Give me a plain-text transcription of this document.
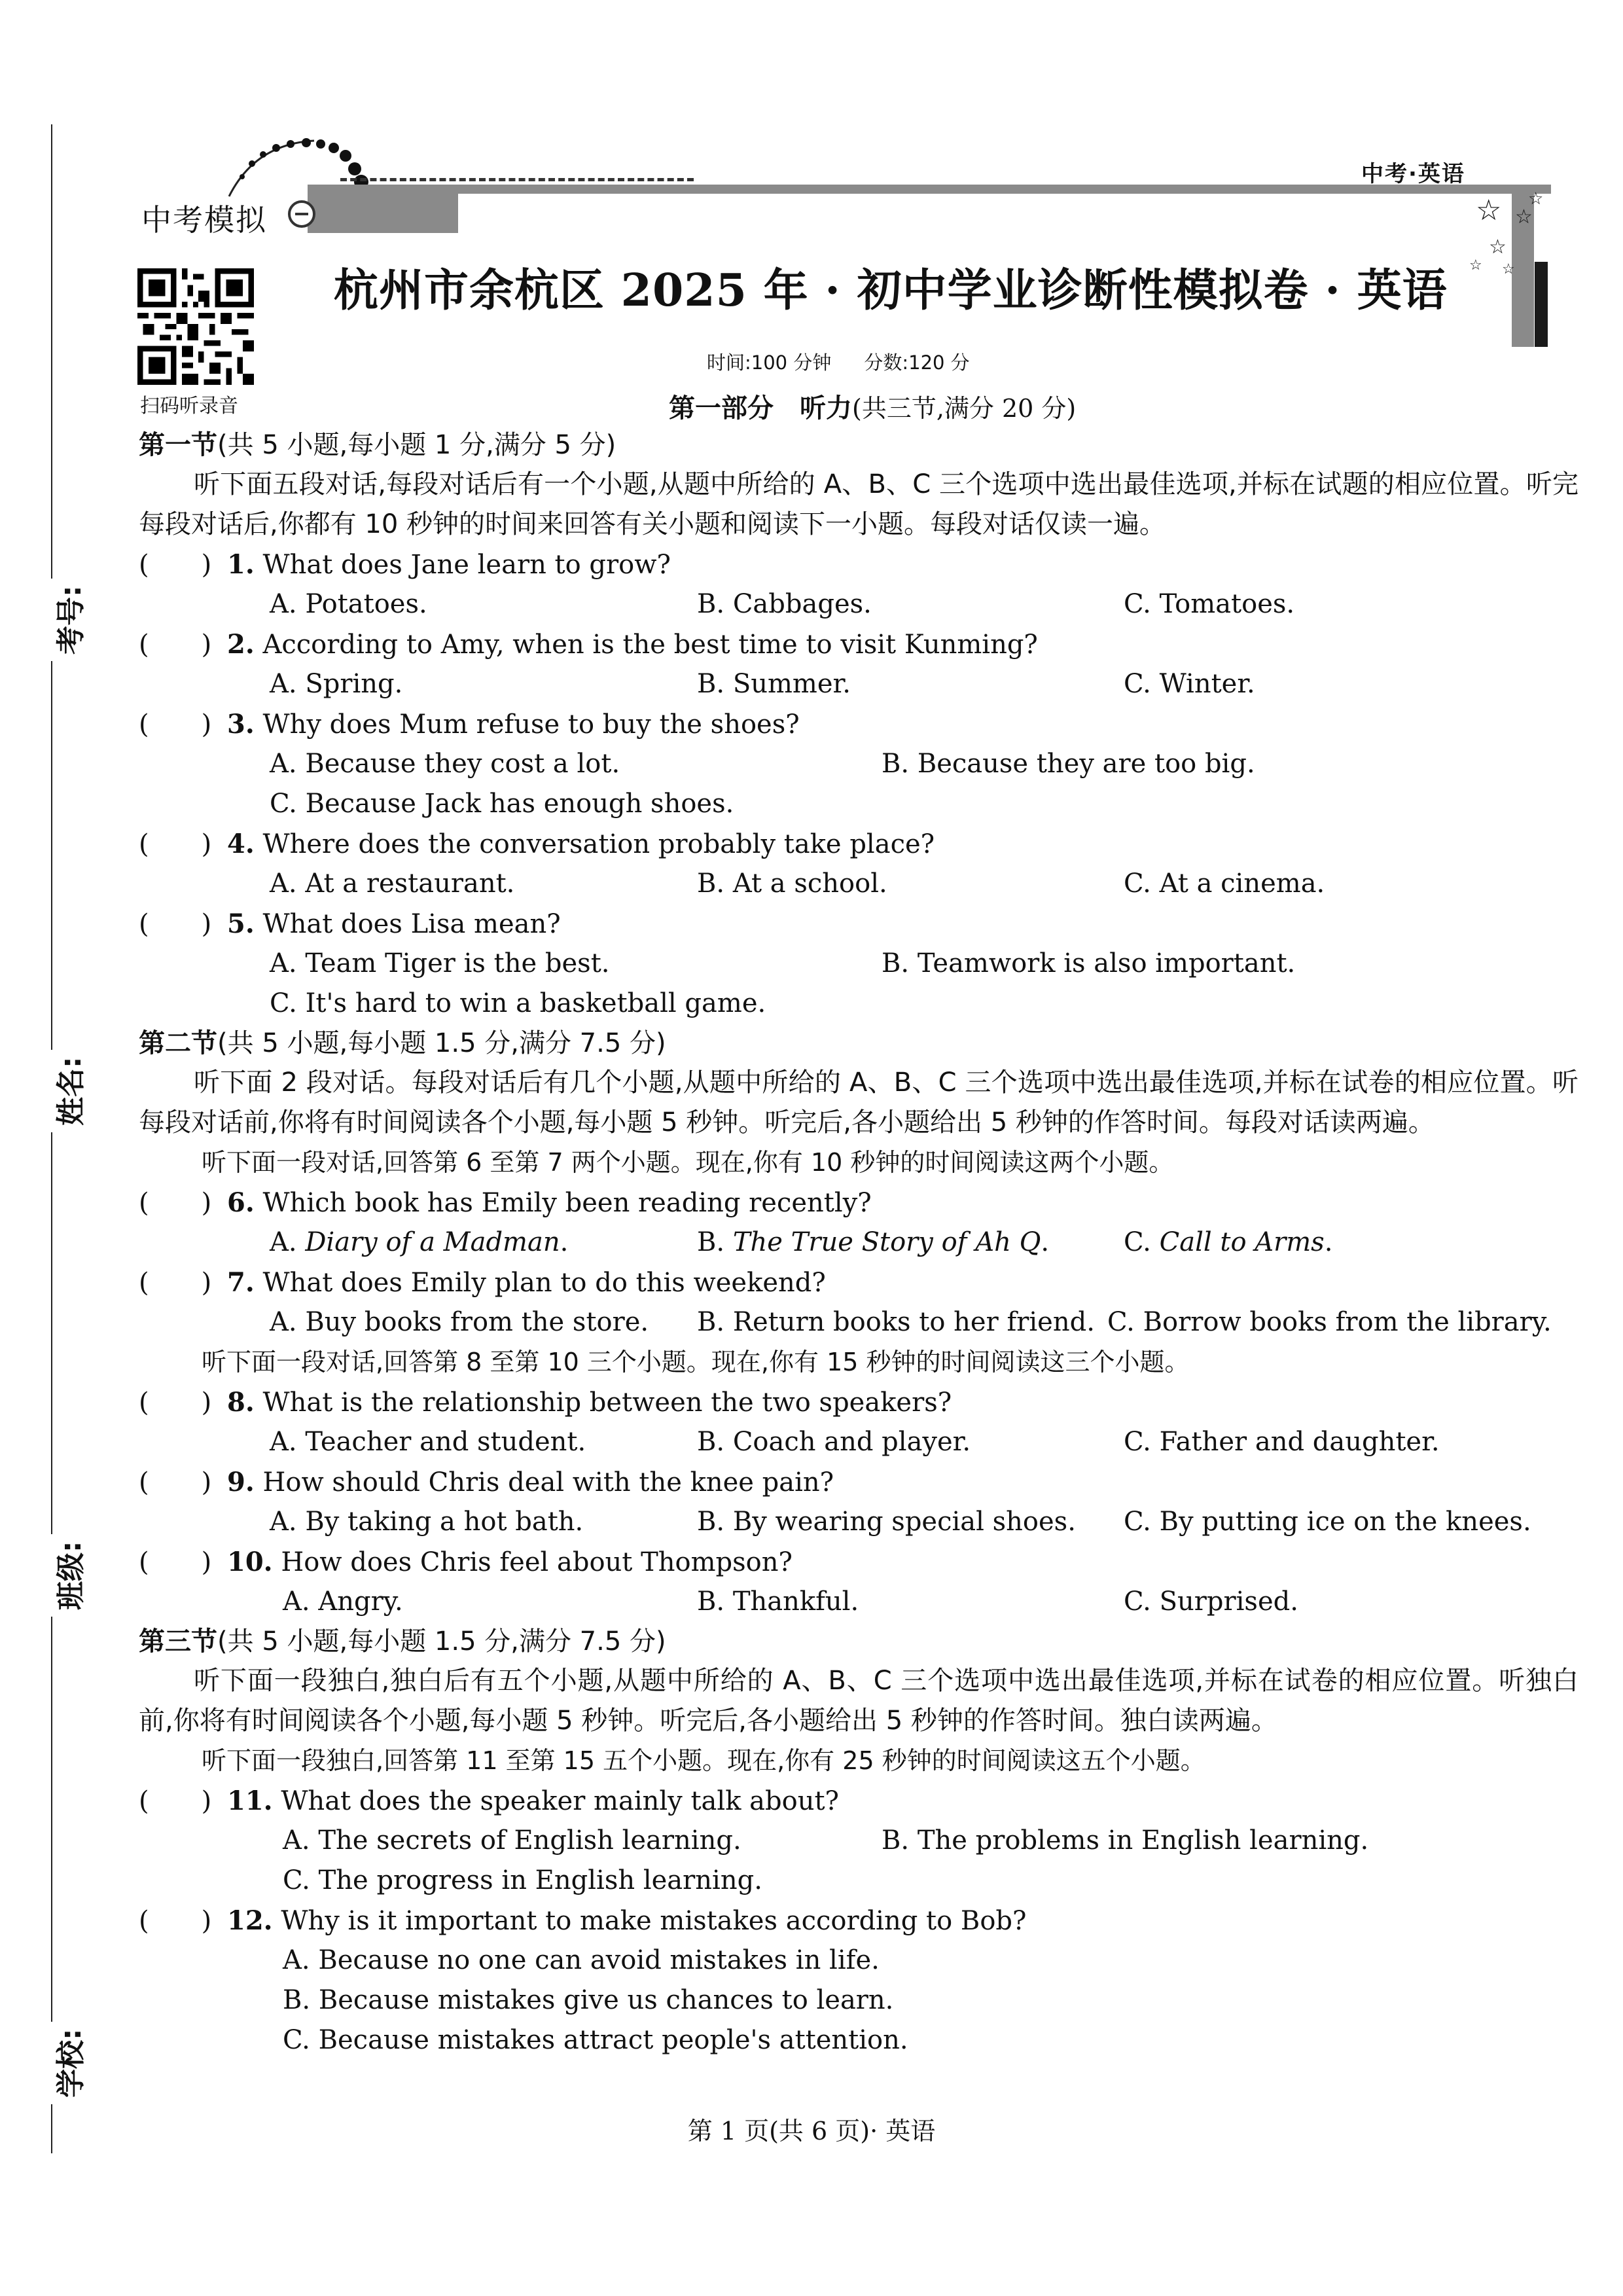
中考模拟
中考·英语
☆ ☆
☆
☆
☆ ☆
扫码听录音
杭州市余杭区 2025 年 · 初中学业诊断性模拟卷 · 英语
时间:100 分钟 分数:120 分
第一部分　听力(共三节,满分 20 分)
考号:
姓名:
班级:
学校:
第一节(共 5 小题,每小题 1 分,满分 5 分)
听下面五段对话,每段对话后有一个小题,从题中所给的 A、B、C 三个选项中选出最佳选项,并标在试题的相应位置。听完每段对话后,你都有 10 秒钟的时间来回答有关小题和阅读下一小题。每段对话仅读一遍。
(　　) 1. What does Jane learn to grow?
A. Potatoes.	B. Cabbages.	C. Tomatoes.
(　　) 2. According to Amy, when is the best time to visit Kunming?
A. Spring.	B. Summer.	C. Winter.
(　　) 3. Why does Mum refuse to buy the shoes?
A. Because they cost a lot.	B. Because they are too big.
C. Because Jack has enough shoes.
(　　) 4. Where does the conversation probably take place?
A. At a restaurant.	B. At a school.	C. At a cinema.
(　　) 5. What does Lisa mean?
A. Team Tiger is the best.	B. Teamwork is also important.
C. It's hard to win a basketball game.
第二节(共 5 小题,每小题 1.5 分,满分 7.5 分)
听下面 2 段对话。每段对话后有几个小题,从题中所给的 A、B、C 三个选项中选出最佳选项,并标在试卷的相应位置。听每段对话前,你将有时间阅读各个小题,每小题 5 秒钟。听完后,各小题给出 5 秒钟的作答时间。每段对话读两遍。
听下面一段对话,回答第 6 至第 7 两个小题。现在,你有 10 秒钟的时间阅读这两个小题。
(　　) 6. Which book has Emily been reading recently?
A. Diary of a Madman.	B. The True Story of Ah Q.	C. Call to Arms.
(　　) 7. What does Emily plan to do this weekend?
A. Buy books from the store. B. Return books to her friend. C. Borrow books from the library.
听下面一段对话,回答第 8 至第 10 三个小题。现在,你有 15 秒钟的时间阅读这三个小题。
(　　) 8. What is the relationship between the two speakers?
A. Teacher and student.	B. Coach and player.	C. Father and daughter.
(　　) 9. How should Chris deal with the knee pain?
A. By taking a hot bath.	B. By wearing special shoes. C. By putting ice on the knees.
(　　) 10. How does Chris feel about Thompson?
A. Angry.	B. Thankful.	C. Surprised.
第三节(共 5 小题,每小题 1.5 分,满分 7.5 分)
听下面一段独白,独白后有五个小题,从题中所给的 A、B、C 三个选项中选出最佳选项,并标在试卷的相应位置。听独白前,你将有时间阅读各个小题,每小题 5 秒钟。听完后,各小题给出 5 秒钟的作答时间。独白读两遍。
听下面一段独白,回答第 11 至第 15 五个小题。现在,你有 25 秒钟的时间阅读这五个小题。
(　　) 11. What does the speaker mainly talk about?
A. The secrets of English learning.	B. The problems in English learning.
C. The progress in English learning.
(　　) 12. Why is it important to make mistakes according to Bob?
A. Because no one can avoid mistakes in life.
B. Because mistakes give us chances to learn.
C. Because mistakes attract people's attention.
第 1 页(共 6 页)· 英语
